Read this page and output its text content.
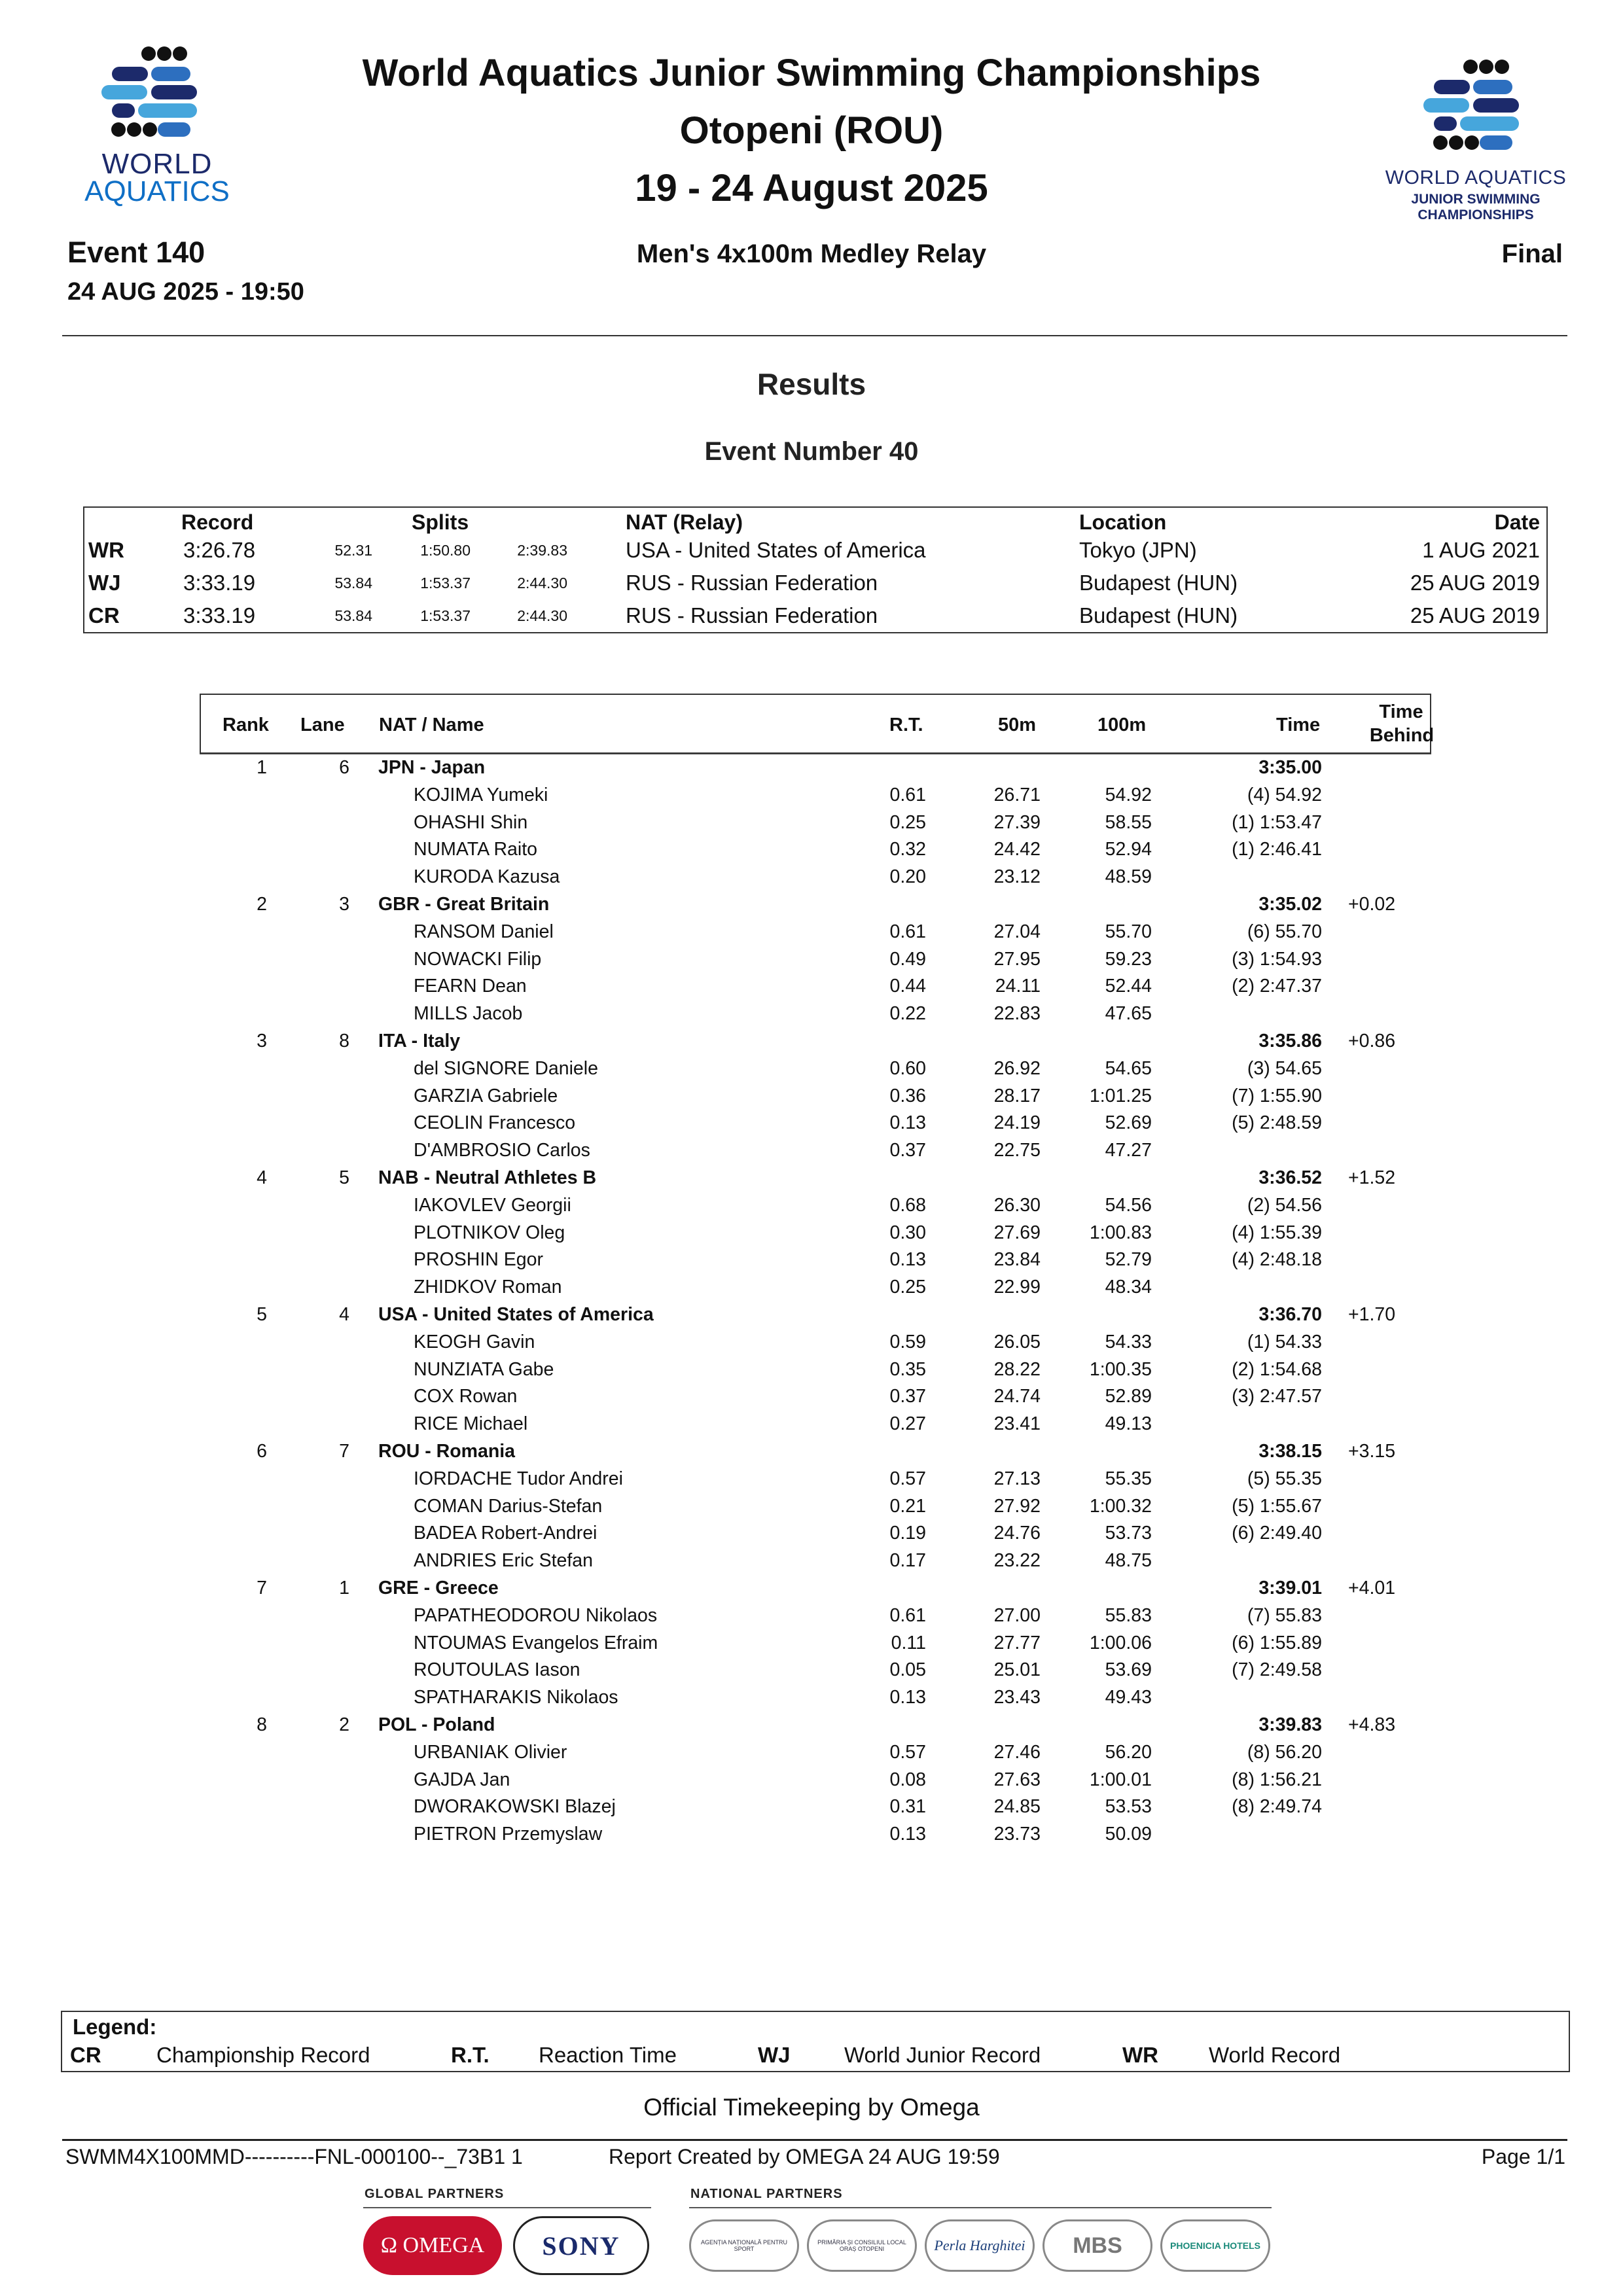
WORLD
AQUATICS
World Aquatics Junior Swimming Championships
Otopeni (ROU)
19 - 24 August 2025	WORLD AQUATICS
JUNIOR SWIMMING
CHAMPIONSHIPS
Event 140
24 AUG 2025 - 19:50
Men's 4x100m Medley Relay	Final
Results
Event Number 40
Record	Splits	NAT (Relay)	Location	Date
WR	3:26.78	52.31	1:50.80	2:39.83	USA - United States of America	Tokyo (JPN)	1 AUG 2021
WJ	3:33.19	53.84	1:53.37	2:44.30	RUS - Russian Federation	Budapest (HUN)	25 AUG 2019
CR	3:33.19	53.84	1:53.37	2:44.30	RUS - Russian Federation	Budapest (HUN)	25 AUG 2019
Rank Lane NAT / Name	R.T.	50m	100m	Time
Time
Behind
1	6 JPN - Japan	3:35.00
KOJIMA Yumeki	0.61	26.71	54.92	(4) 54.92
OHASHI Shin	0.25	27.39	58.55	(1) 1:53.47
NUMATA Raito	0.32	24.42	52.94	(1) 2:46.41
KURODA Kazusa	0.20	23.12	48.59
2	3 GBR - Great Britain	3:35.02 +0.02
RANSOM Daniel	0.61	27.04	55.70	(6) 55.70
NOWACKI Filip	0.49	27.95	59.23	(3) 1:54.93
FEARN Dean	0.44	24.11	52.44	(2) 2:47.37
MILLS Jacob	0.22	22.83	47.65
3	8 ITA - Italy	3:35.86 +0.86
del SIGNORE Daniele	0.60	26.92	54.65	(3) 54.65
GARZIA Gabriele	0.36	28.17	1:01.25	(7) 1:55.90
CEOLIN Francesco	0.13	24.19	52.69	(5) 2:48.59
D'AMBROSIO Carlos	0.37	22.75	47.27
4	5 NAB - Neutral Athletes B	3:36.52 +1.52
IAKOVLEV Georgii	0.68	26.30	54.56	(2) 54.56
PLOTNIKOV Oleg	0.30	27.69	1:00.83	(4) 1:55.39
PROSHIN Egor	0.13	23.84	52.79	(4) 2:48.18
ZHIDKOV Roman	0.25	22.99	48.34
5	4 USA - United States of America	3:36.70 +1.70
KEOGH Gavin	0.59	26.05	54.33	(1) 54.33
NUNZIATA Gabe	0.35	28.22	1:00.35	(2) 1:54.68
COX Rowan	0.37	24.74	52.89	(3) 2:47.57
RICE Michael	0.27	23.41	49.13
6	7 ROU - Romania	3:38.15 +3.15
IORDACHE Tudor Andrei	0.57	27.13	55.35	(5) 55.35
COMAN Darius-Stefan	0.21	27.92	1:00.32	(5) 1:55.67
BADEA Robert-Andrei	0.19	24.76	53.73	(6) 2:49.40
ANDRIES Eric Stefan	0.17	23.22	48.75
7	1 GRE - Greece	3:39.01 +4.01
PAPATHEODOROU Nikolaos	0.61	27.00	55.83	(7) 55.83
NTOUMAS Evangelos Efraim	0.11	27.77	1:00.06	(6) 1:55.89
ROUTOULAS Iason	0.05	25.01	53.69	(7) 2:49.58
SPATHARAKIS Nikolaos	0.13	23.43	49.43
8	2 POL - Poland	3:39.83 +4.83
URBANIAK Olivier	0.57	27.46	56.20	(8) 56.20
GAJDA Jan	0.08	27.63	1:00.01	(8) 1:56.21
DWORAKOWSKI Blazej	0.31	24.85	53.53	(8) 2:49.74
PIETRON Przemyslaw	0.13	23.73	50.09
Legend:
CR	Championship Record	R.T. Reaction Time	WJ	World Junior Record	WR World Record
Official Timekeeping by Omega
SWMM4X100MMD----------FNL-000100--_73B1 1	Report Created by OMEGA 24 AUG 19:59	Page 1/1
GLOBAL PARTNERS	NATIONAL PARTNERS
Ω OMEGA SONY	AGENȚIA NAȚIONALĂ PENTRU SPORT
PRIMĂRIA ȘI CONSILIUL LOCAL ORAȘ OTOPENI	Perla Harghitei MBS	PHOENICIA HOTELS
